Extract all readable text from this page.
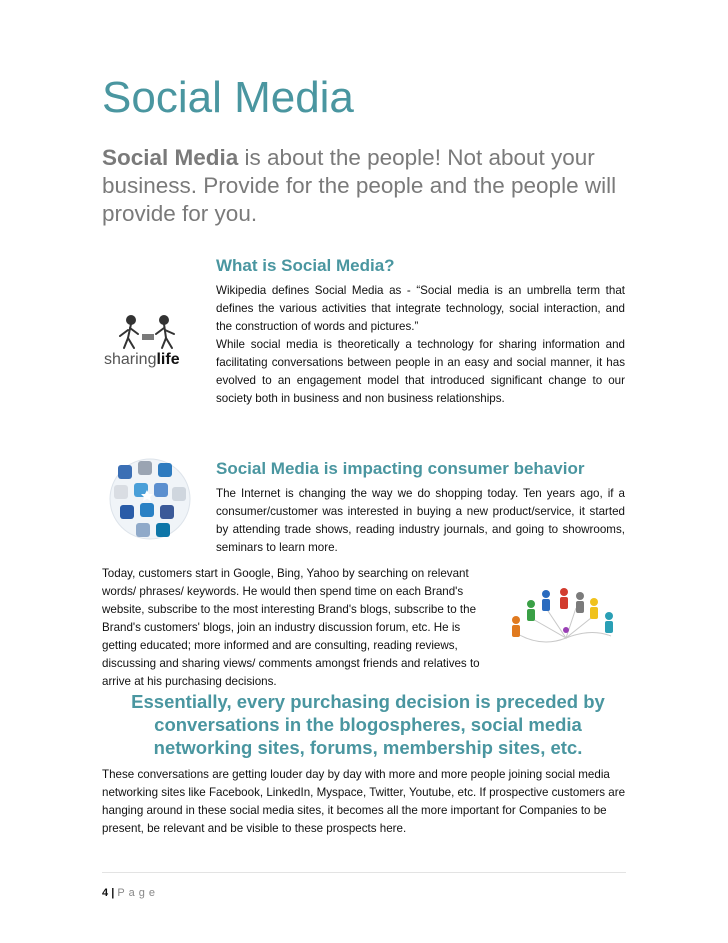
Social Media
Social Media is about the people! Not about your business. Provide for the people and the people will provide for you.
What is Social Media?
Wikipedia defines Social Media as - “Social media is an umbrella term that defines the various activities that integrate technology, social interaction, and the construction of words and pictures.”
While social media is theoretically a technology for sharing information and facilitating conversations between people in an easy and social manner, it has evolved to an engagement model that introduced significant change to our society both in business and non business relationships.
sharinglife
Social Media is impacting consumer behavior
The Internet is changing the way we do shopping today. Ten years ago, if a consumer/customer was interested in buying a new product/service, it started by attending trade shows, reading industry journals, and going to showrooms, seminars to learn more.
Today, customers start in Google, Bing, Yahoo by searching on relevant words/ phrases/ keywords. He would then spend time on each Brand's website, subscribe to the most interesting Brand's blogs, subscribe to the Brand's customers' blogs, join an industry discussion forum, etc. He is getting educated; more informed and are consulting, reading reviews, discussing and sharing views/ comments amongst friends and relatives to arrive at his purchasing decisions.
Essentially, every purchasing decision is preceded by conversations in the blogospheres, social media networking sites, forums, membership sites, etc.
These conversations are getting louder day by day with more and more people joining social media networking sites like Facebook, LinkedIn, Myspace, Twitter, Youtube, etc. If prospective customers are hanging around in these social media sites, it becomes all the more important for Companies to be present, be relevant and be visible to these prospects here.
4 | Page
